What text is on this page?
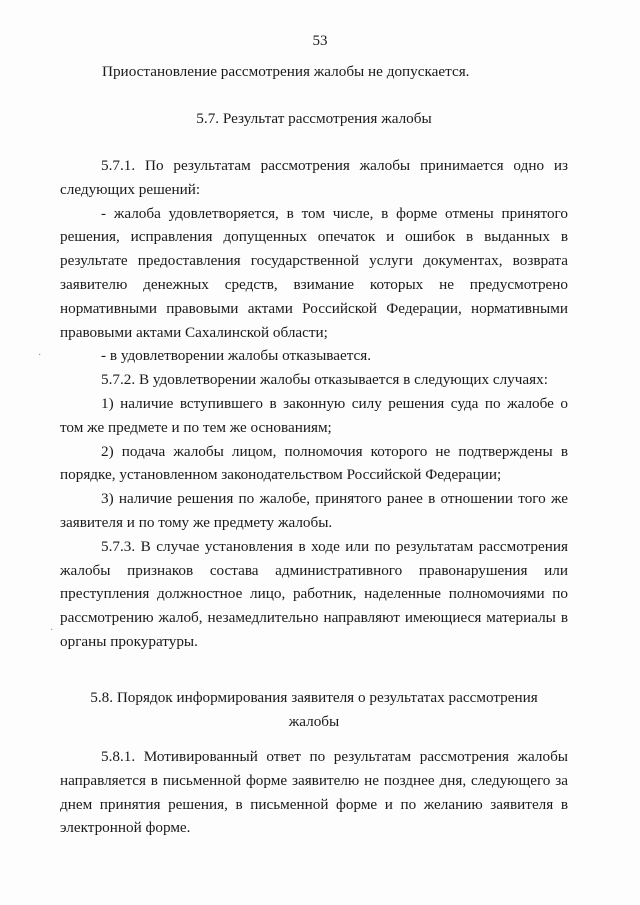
53

Приостановление рассмотрения жалобы не допускается.

5.7. Результат рассмотрения жалобы

5.7.1. По результатам рассмотрения жалобы принимается одно из следующих решений:

- жалоба удовлетворяется, в том числе, в форме отмены принятого решения, исправления допущенных опечаток и ошибок в выданных в результате предоставления государственной услуги документах, возврата заявителю денежных средств, взимание которых не предусмотрено нормативными правовыми актами Российской Федерации, нормативными правовыми актами Сахалинской области;

- в удовлетворении жалобы отказывается.

5.7.2. В удовлетворении жалобы отказывается в следующих случаях:

1) наличие вступившего в законную силу решения суда по жалобе о том же предмете и по тем же основаниям;

2) подача жалобы лицом, полномочия которого не подтверждены в порядке, установленном законодательством Российской Федерации;

3) наличие решения по жалобе, принятого ранее в отношении того же заявителя и по тому же предмету жалобы.

5.7.3. В случае установления в ходе или по результатам рассмотрения жалобы признаков состава административного правонарушения или преступления должностное лицо, работник, наделенные полномочиями по рассмотрению жалоб, незамедлительно направляют имеющиеся материалы в органы прокуратуры.

5.8. Порядок информирования заявителя о результатах рассмотрения

жалобы

5.8.1. Мотивированный ответ по результатам рассмотрения жалобы направляется в письменной форме заявителю не позднее дня, следующего за днем принятия решения, в письменной форме и по желанию заявителя в электронной форме.

·
·
